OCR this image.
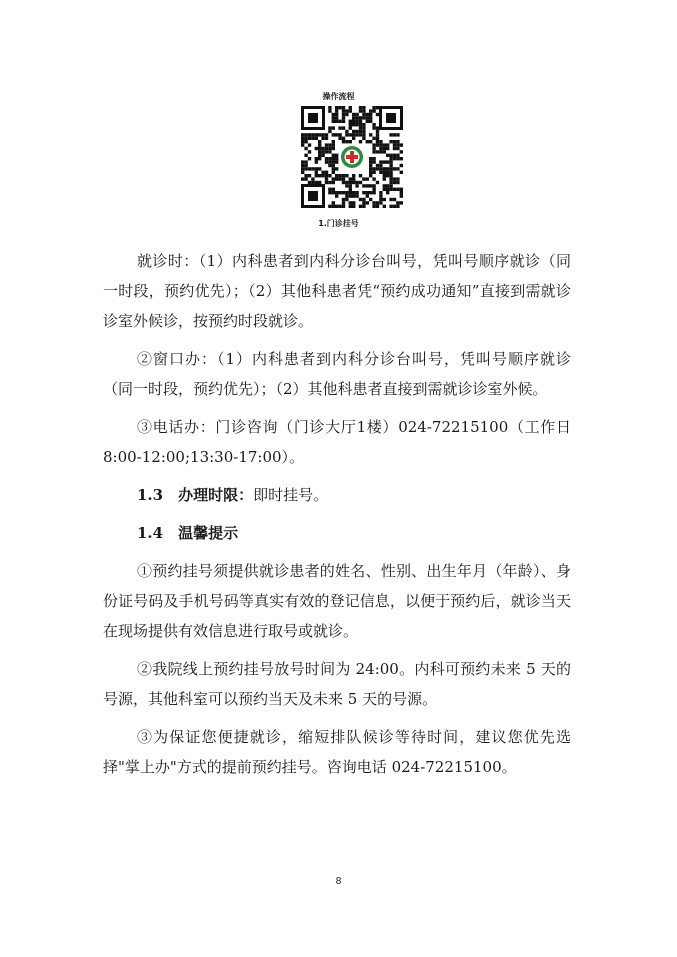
操作流程
1.门诊挂号

就诊时：（1）内科患者到内科分诊台叫号，凭叫号顺序就诊（同一时段，预约优先）；（2）其他科患者凭“预约成功通知”直接到需就诊诊室外候诊，按预约时段就诊。

②窗口办：（1）内科患者到内科分诊台叫号，凭叫号顺序就诊（同一时段，预约优先）；（2）其他科患者直接到需就诊诊室外候。

③电话办：门诊咨询（门诊大厅1楼）024-72215100（工作日 8:00-12:00;13:30-17:00）。

1.3　办理时限：即时挂号。

1.4　温馨提示

①预约挂号须提供就诊患者的姓名、性别、出生年月（年龄）、身份证号码及手机号码等真实有效的登记信息，以便于预约后，就诊当天在现场提供有效信息进行取号或就诊。

②我院线上预约挂号放号时间为 24:00。内科可预约未来 5 天的号源，其他科室可以预约当天及未来 5 天的号源。

③为保证您便捷就诊，缩短排队候诊等待时间，建议您优先选择"掌上办"方式的提前预约挂号。咨询电话 024-72215100。

8
